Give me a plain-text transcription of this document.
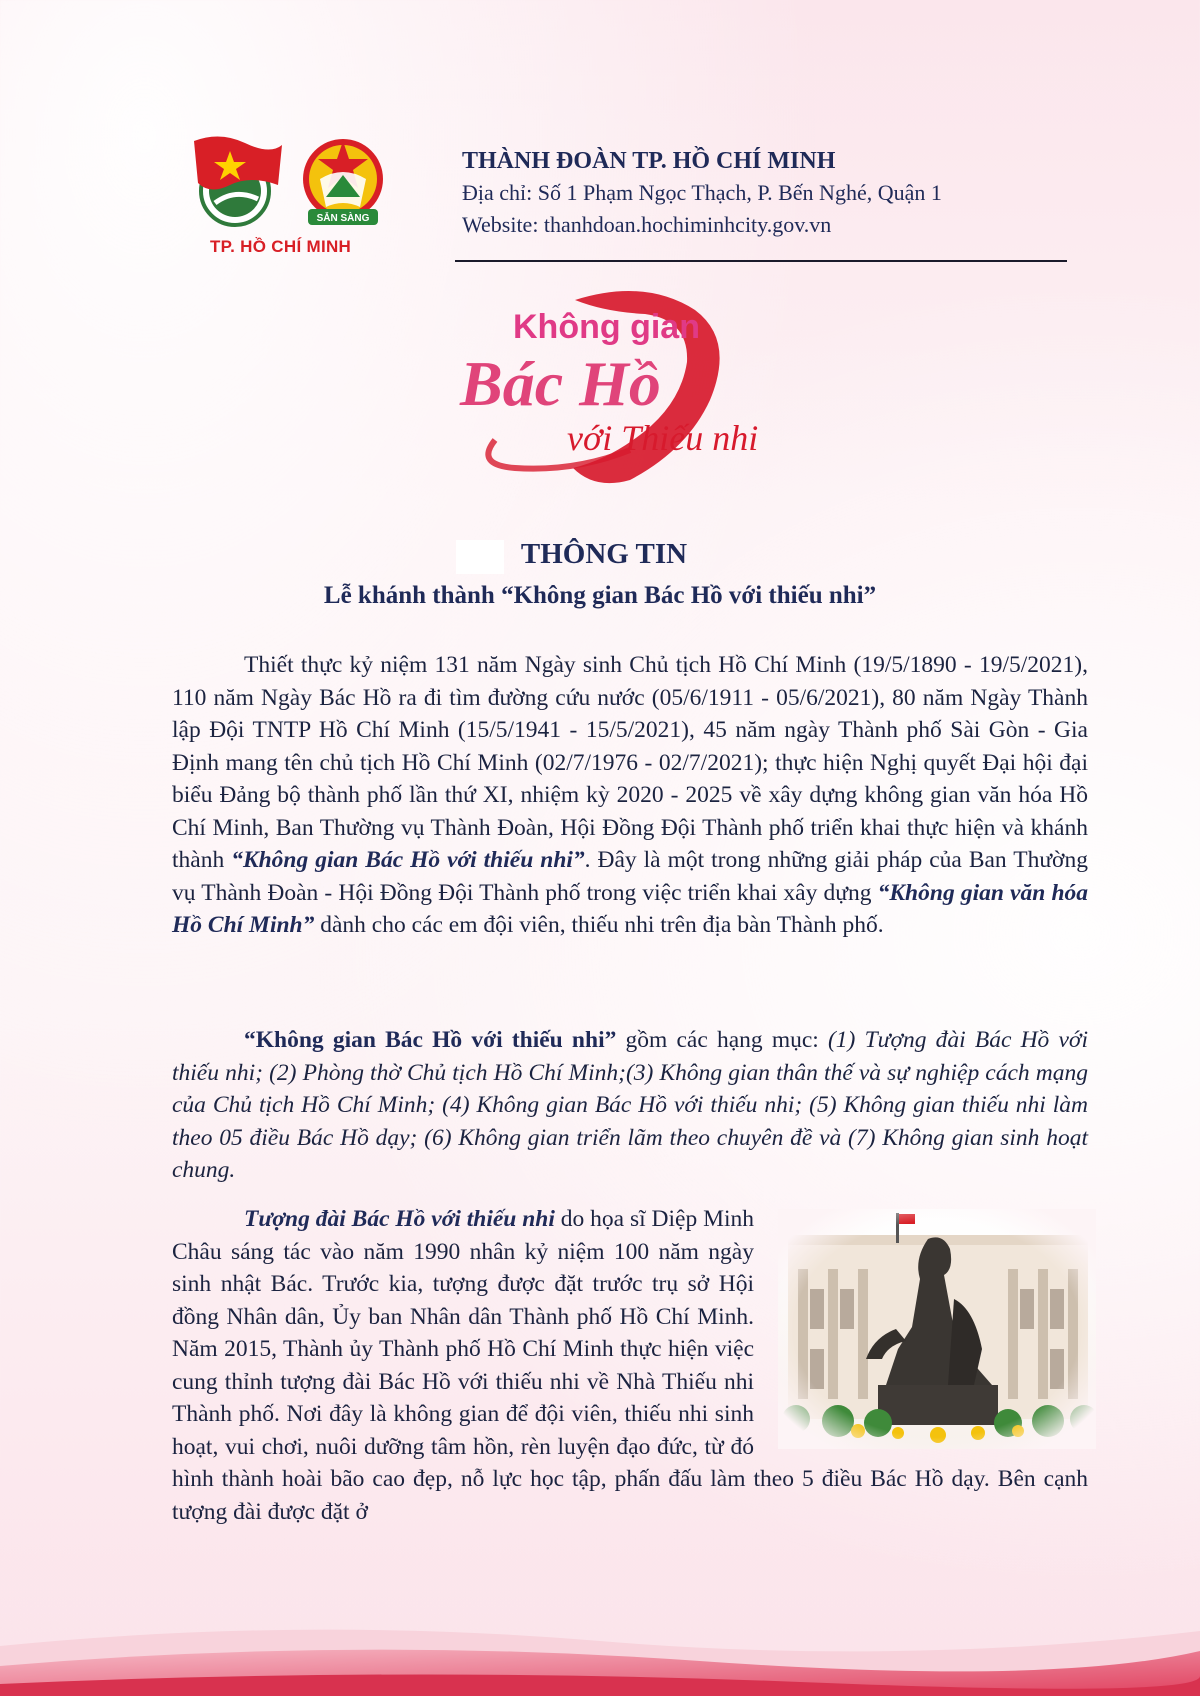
SẴN SÀNG
TP. HỒ CHÍ MINH

THÀNH ĐOÀN TP. HỒ CHÍ MINH

Địa chỉ: Số 1 Phạm Ngọc Thạch, P. Bến Nghé, Quận 1

Website: thanhdoan.hochiminhcity.gov.vn

Không gian
Bác Hồ
với Thiếu nhi
THÔNG TIN
Lễ khánh thành “Không gian Bác Hồ với thiếu nhi”

Thiết thực kỷ niệm 131 năm Ngày sinh Chủ tịch Hồ Chí Minh (19/5/1890 - 19/5/2021), 110 năm Ngày Bác Hồ ra đi tìm đường cứu nước (05/6/1911 - 05/6/2021), 80 năm Ngày Thành lập Đội TNTP Hồ Chí Minh (15/5/1941 - 15/5/2021), 45 năm ngày Thành phố Sài Gòn - Gia Định mang tên chủ tịch Hồ Chí Minh (02/7/1976 - 02/7/2021); thực hiện Nghị quyết Đại hội đại biểu Đảng bộ thành phố lần thứ XI, nhiệm kỳ 2020 - 2025 về xây dựng không gian văn hóa Hồ Chí Minh, Ban Thường vụ Thành Đoàn, Hội Đồng Đội Thành phố triển khai thực hiện và khánh thành “Không gian Bác Hồ với thiếu nhi”. Đây là một trong những giải pháp của Ban Thường vụ Thành Đoàn - Hội Đồng Đội Thành phố trong việc triển khai xây dựng “Không gian văn hóa Hồ Chí Minh” dành cho các em đội viên, thiếu nhi trên địa bàn Thành phố.

“Không gian Bác Hồ với thiếu nhi” gồm các hạng mục: (1) Tượng đài Bác Hồ với thiếu nhi; (2) Phòng thờ Chủ tịch Hồ Chí Minh;(3) Không gian thân thế và sự nghiệp cách mạng của Chủ tịch Hồ Chí Minh; (4) Không gian Bác Hồ với thiếu nhi; (5) Không gian thiếu nhi làm theo 05 điều Bác Hồ dạy; (6) Không gian triển lãm theo chuyên đề và (7) Không gian sinh hoạt chung.

Tượng đài Bác Hồ với thiếu nhi do họa sĩ Diệp Minh Châu sáng tác vào năm 1990 nhân kỷ niệm 100 năm ngày sinh nhật Bác. Trước kia, tượng được đặt trước trụ sở Hội đồng Nhân dân, Ủy ban Nhân dân Thành phố Hồ Chí Minh. Năm 2015, Thành ủy Thành phố Hồ Chí Minh thực hiện việc cung thỉnh tượng đài Bác Hồ với thiếu nhi về Nhà Thiếu nhi Thành phố. Nơi đây là không gian để đội viên, thiếu nhi sinh hoạt, vui chơi, nuôi dưỡng tâm hồn, rèn luyện đạo đức, từ đó hình thành hoài bão cao đẹp, nỗ lực học tập, phấn đấu làm theo 5 điều Bác Hồ dạy. Bên cạnh tượng đài được đặt ở
